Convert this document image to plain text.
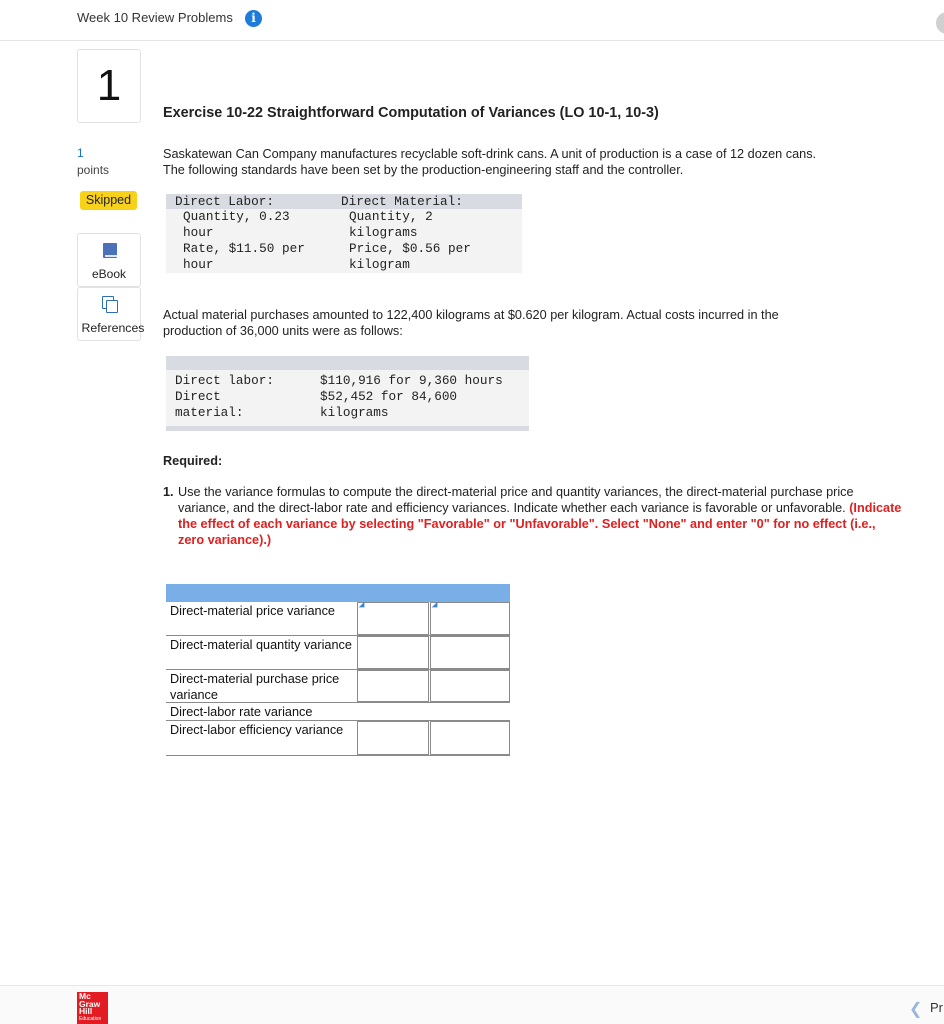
Week 10 Review Problems	i
1
1
points
Skipped
eBook
References
Exercise 10-22 Straightforward Computation of Variances (LO 10-1, 10-3)
Saskatewan Can Company manufactures recyclable soft-drink cans. A unit of production is a case of 12 dozen cans.
The following standards have been set by the production-engineering staff and the controller.
Direct Labor:	Direct Material:
Quantity, 0.23
hour
Quantity, 2
kilograms
Rate, $11.50 per
hour
Price, $0.56 per
kilogram
Actual material purchases amounted to 122,400 kilograms at $0.620 per kilogram. Actual costs incurred in the
production of 36,000 units were as follows:
Direct labor:
Direct
material:
$110,916 for 9,360 hours
$52,452 for 84,600
kilograms
Required:
1. Use the variance formulas to compute the direct-material price and quantity variances, the direct-material purchase price variance, and the direct-labor rate and efficiency variances. Indicate whether each variance is favorable or unfavorable. (Indicate the effect of each variance by selecting "Favorable" or "Unfavorable". Select "None" and enter "0" for no effect (i.e., zero variance).)
Direct-material price variance
Direct-material quantity variance
Direct-material purchase price variance
Direct-labor rate variance
Direct-labor efficiency variance
Mc
Graw
Hill
Education
❮ Pr
